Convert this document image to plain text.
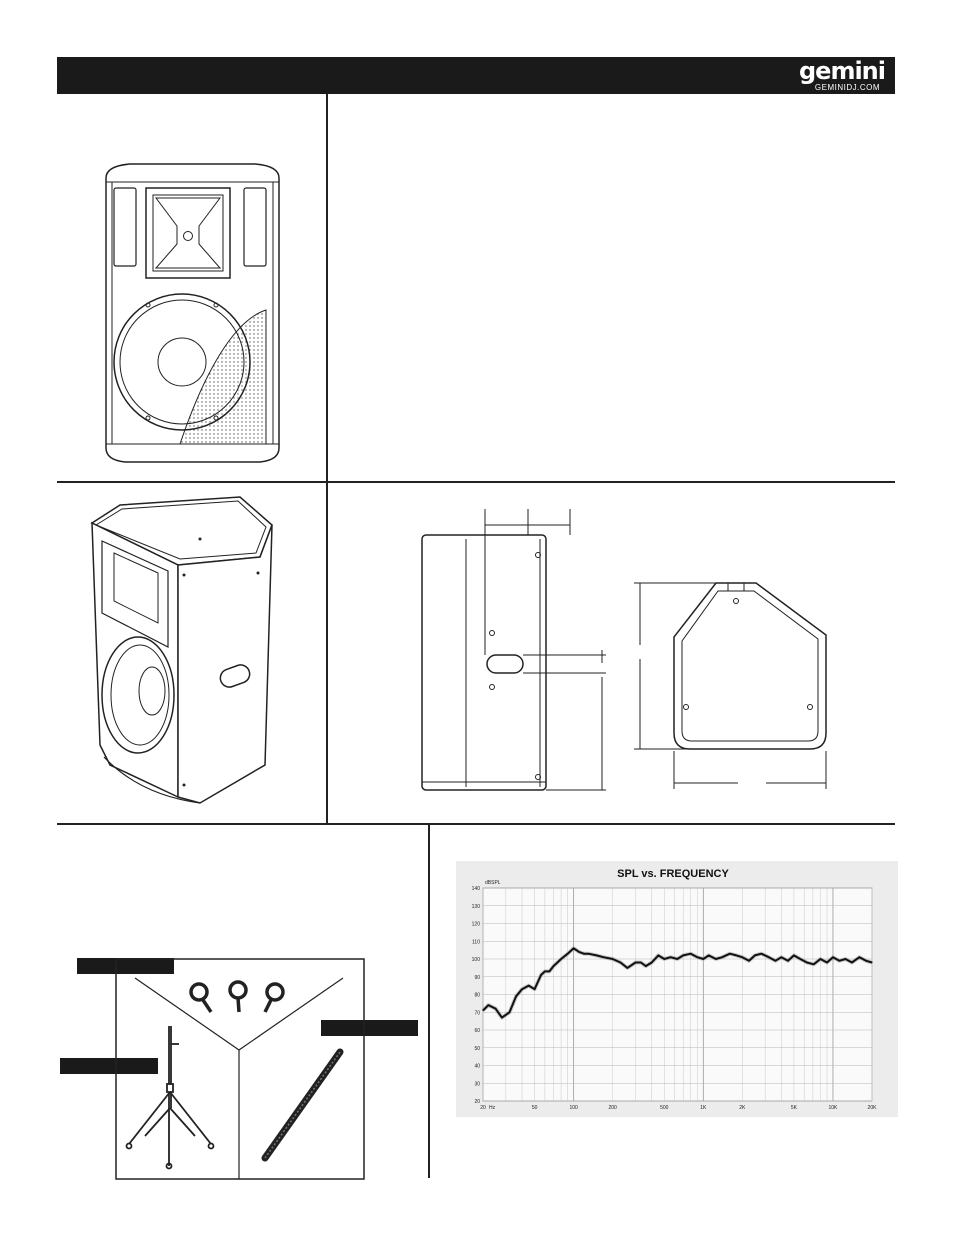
gemini
GEMINIDJ.COM
20
30
40
50
60
70
80
90
100
110
120
130
140
20	50	100	200	500	1K	2K	5K	10K	20K
SPL vs. FREQUENCY
dBSPL
Hz
